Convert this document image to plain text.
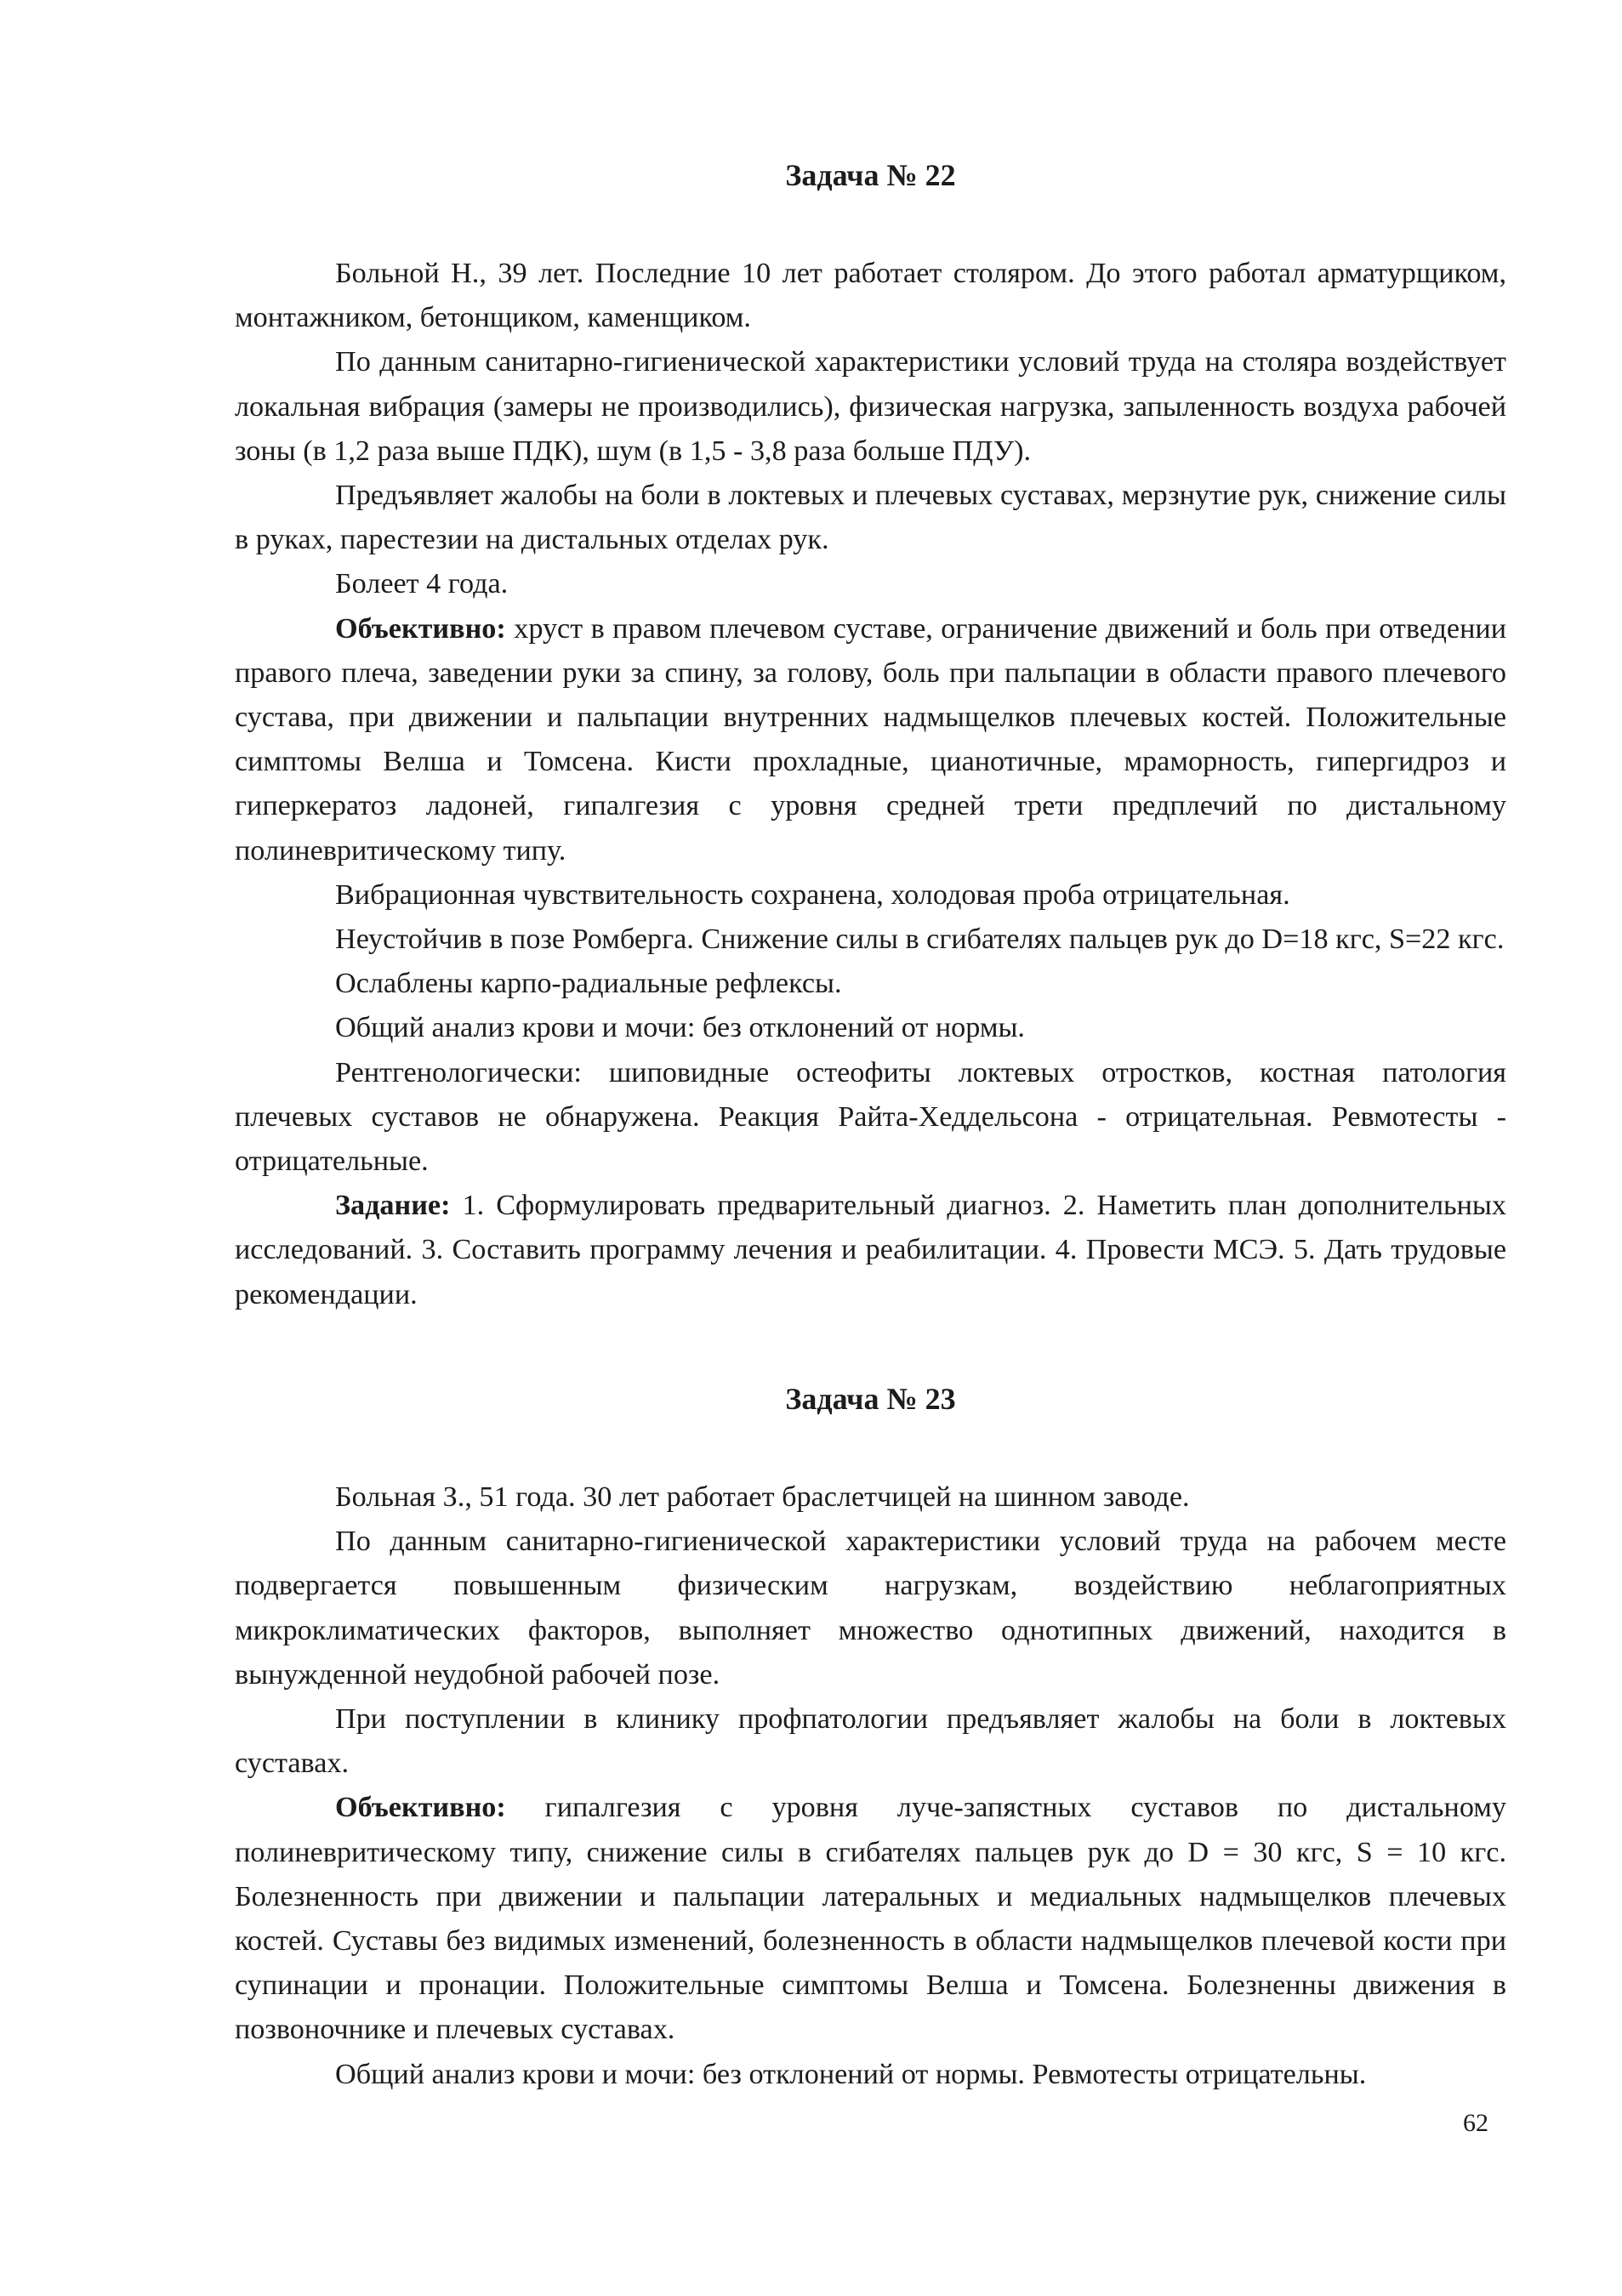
Задача № 22

Больной Н., 39 лет. Последние 10 лет работает столяром. До этого работал арматурщиком, монтажником, бетонщиком, каменщиком.

По данным санитарно-гигиенической характеристики условий труда на столяра воздействует локальная вибрация (замеры не производились), физическая нагрузка, запыленность воздуха рабочей зоны (в 1,2 раза выше ПДК), шум (в 1,5 - 3,8 раза больше ПДУ).

Предъявляет жалобы на боли в локтевых и плечевых суставах, мерзнутие рук, снижение силы в руках, парестезии на дистальных отделах рук.

Болеет 4 года.

Объективно: хруст в правом плечевом суставе, ограничение движений и боль при отведении правого плеча, заведении руки за спину, за голову, боль при пальпации в области правого плечевого сустава, при движении и пальпации внутренних надмыщелков плечевых костей. Положительные симптомы Велша и Томсена. Кисти прохладные, цианотичные, мраморность, гипергидроз и гиперкератоз ладоней, гипалгезия с уровня средней трети предплечий по дистальному полиневритическому типу.

Вибрационная чувствительность сохранена, холодовая проба отрицательная.

Неустойчив в позе Ромберга. Снижение силы в сгибателях пальцев рук до D=18 кгс, S=22 кгс.

Ослаблены карпо-радиальные рефлексы.

Общий анализ крови и мочи: без отклонений от нормы.

Рентгенологически: шиповидные остеофиты локтевых отростков, костная патология плечевых суставов не обнаружена. Реакция Райта-Хеддельсона - отрицательная. Ревмотесты - отрицательные.

Задание: 1. Сформулировать предварительный диагноз. 2. Наметить план дополнительных исследований. 3. Составить программу лечения и реабилитации. 4. Провести МСЭ. 5. Дать трудовые рекомендации.

Задача № 23

Больная З., 51 года. 30 лет работает браслетчицей на шинном заводе.

По данным санитарно-гигиенической характеристики условий труда на рабочем месте подвергается повышенным физическим нагрузкам, воздействию неблагоприятных микроклиматических факторов, выполняет множество однотипных движений, находится в вынужденной неудобной рабочей позе.

При поступлении в клинику профпатологии предъявляет жалобы на боли в локтевых суставах.

Объективно: гипалгезия с уровня луче-запястных суставов по дистальному полиневритическому типу, снижение силы в сгибателях пальцев рук до D = 30 кгс, S = 10 кгс. Болезненность при движении и пальпации латеральных и медиальных надмыщелков плечевых костей. Суставы без видимых изменений, болезненность в области надмыщелков плечевой кости при супинации и пронации. Положительные симптомы Велша и Томсена. Болезненны движения в позвоночнике и плечевых суставах.

Общий анализ крови и мочи: без отклонений от нормы. Ревмотесты отрицательны.

62
